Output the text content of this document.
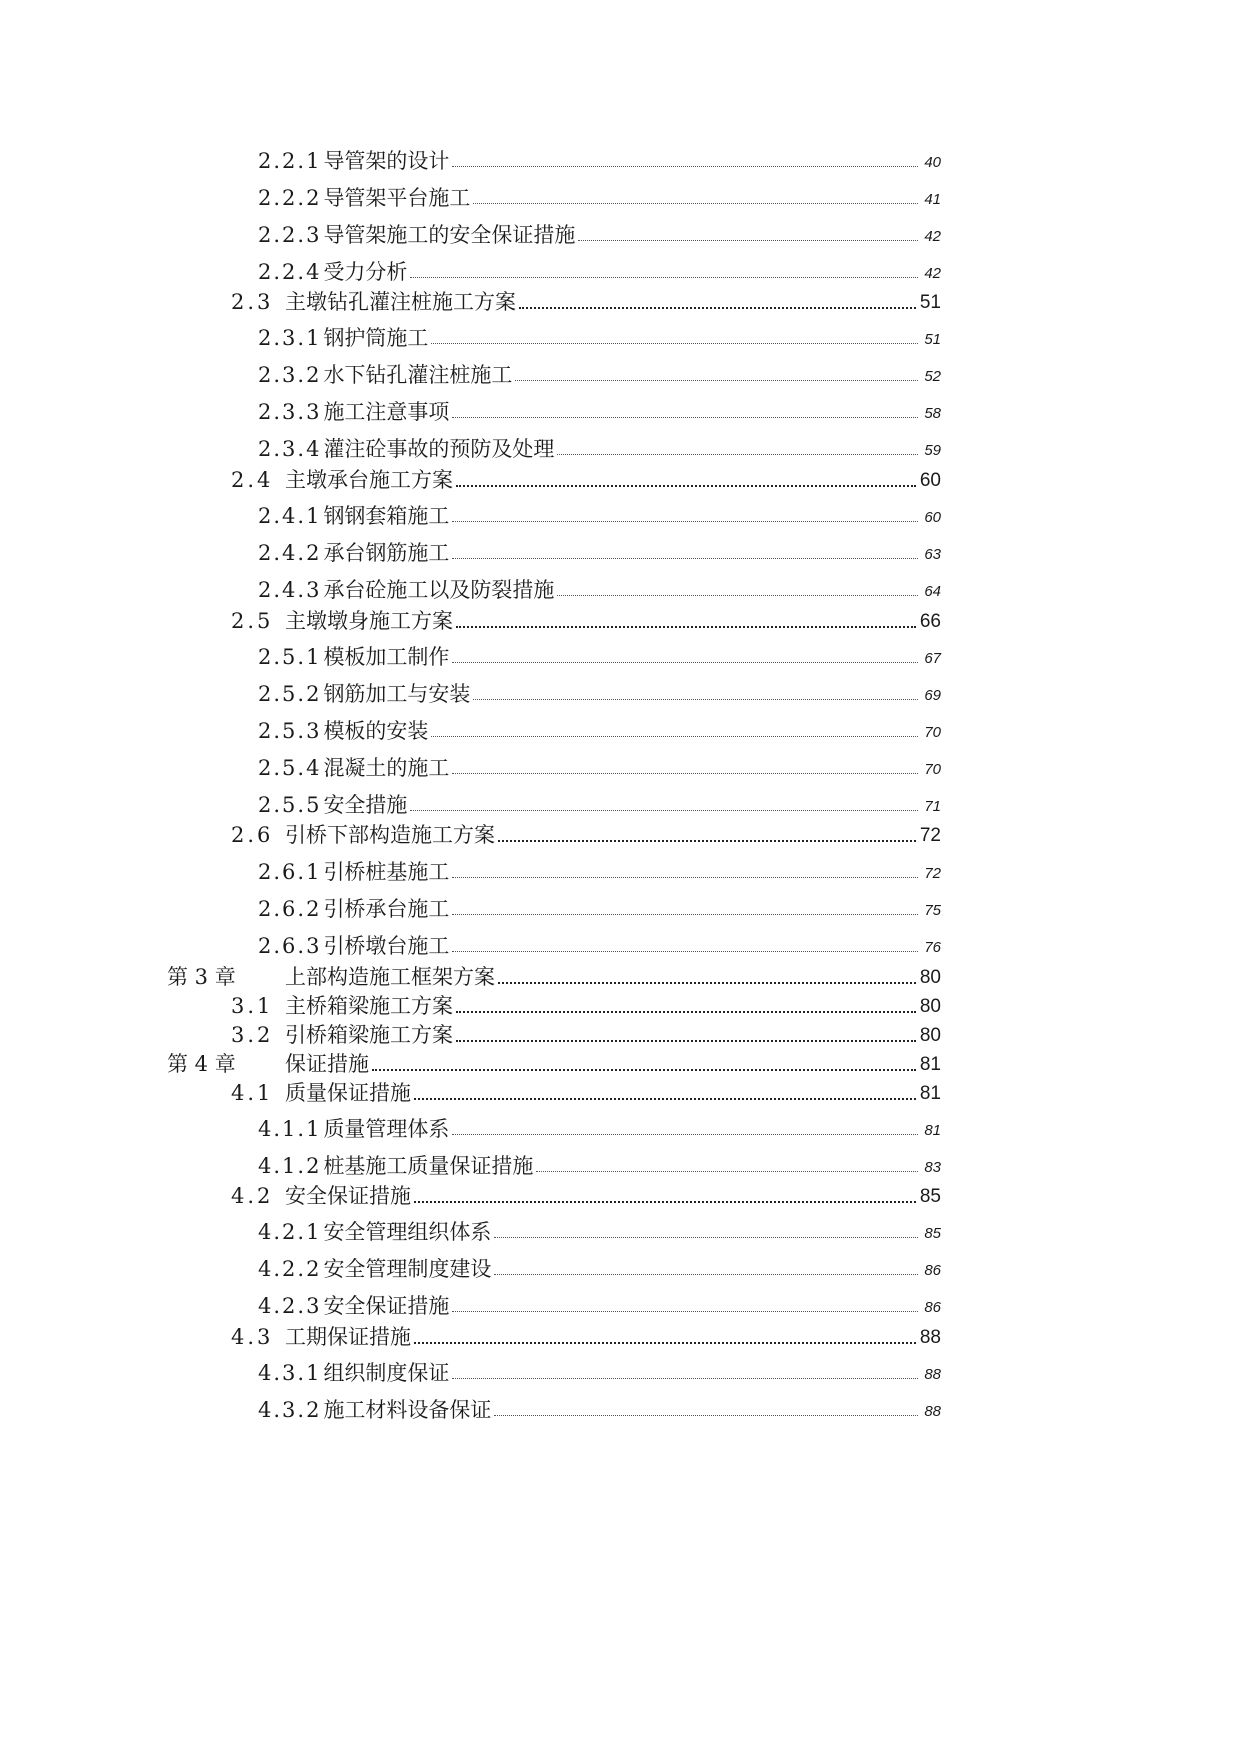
2.2.1 导管架的设计	40
2.2.2 导管架平台施工	41
2.2.3 导管架施工的安全保证措施	42
2.2.4 受力分析	42
2.3 主墩钻孔灌注桩施工方案	51
2.3.1 钢护筒施工	51
2.3.2 水下钻孔灌注桩施工	52
2.3.3 施工注意事项	58
2.3.4 灌注砼事故的预防及处理	59
2.4 主墩承台施工方案	60
2.4.1 钢钢套箱施工	60
2.4.2 承台钢筋施工	63
2.4.3 承台砼施工以及防裂措施	64
2.5 主墩墩身施工方案	66
2.5.1 模板加工制作	67
2.5.2 钢筋加工与安装	69
2.5.3 模板的安装	70
2.5.4 混凝土的施工	70
2.5.5 安全措施	71
2.6 引桥下部构造施工方案	72
2.6.1 引桥桩基施工	72
2.6.2 引桥承台施工	75
2.6.3 引桥墩台施工	76
第 3 章	上部构造施工框架方案	80
3.1 主桥箱梁施工方案	80
3.2 引桥箱梁施工方案	80
第 4 章	保证措施	81
4.1 质量保证措施	81
4.1.1 质量管理体系	81
4.1.2 桩基施工质量保证措施	83
4.2 安全保证措施	85
4.2.1 安全管理组织体系	85
4.2.2 安全管理制度建设	86
4.2.3 安全保证措施	86
4.3 工期保证措施	88
4.3.1 组织制度保证	88
4.3.2 施工材料设备保证	88
